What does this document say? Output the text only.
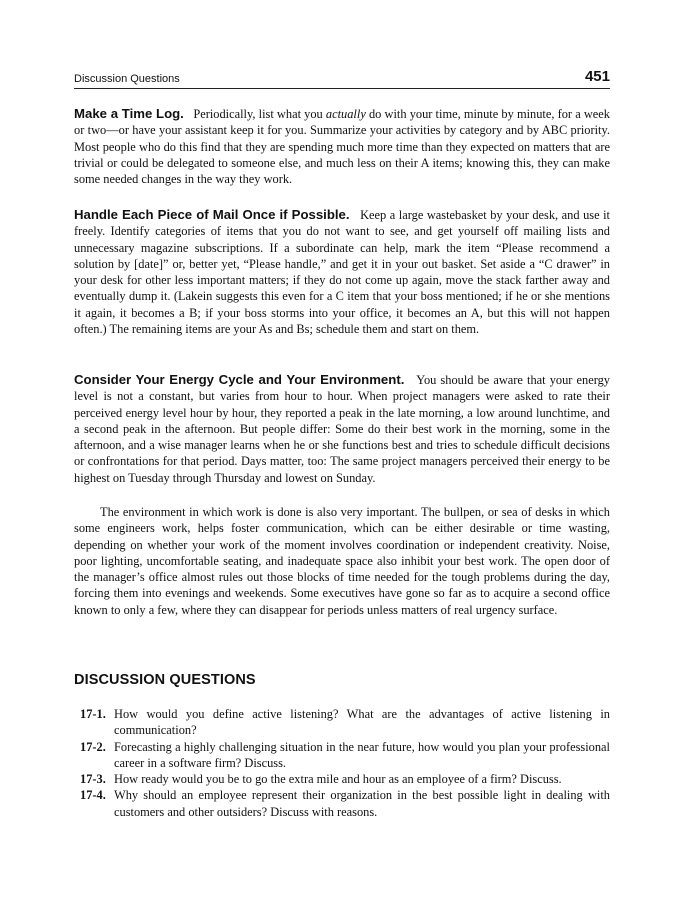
Discussion Questions	451

Make a Time Log. Periodically, list what you actually do with your time, minute by minute, for a week or two—or have your assistant keep it for you. Summarize your activities by category and by ABC priority. Most people who do this find that they are spending much more time than they expected on matters that are trivial or could be delegated to someone else, and much less on their A items; knowing this, they can make some needed changes in the way they work.

Handle Each Piece of Mail Once if Possible. Keep a large wastebasket by your desk, and use it freely. Identify categories of items that you do not want to see, and get yourself off mailing lists and unnecessary magazine subscriptions. If a subordinate can help, mark the item “Please recommend a solution by [date]” or, better yet, “Please handle,” and get it in your out basket. Set aside a “C drawer” in your desk for other less important matters; if they do not come up again, move the stack farther away and eventually dump it. (Lakein suggests this even for a C item that your boss mentioned; if he or she mentions it again, it becomes a B; if your boss storms into your office, it becomes an A, but this will not happen often.) The remaining items are your As and Bs; schedule them and start on them.

Consider Your Energy Cycle and Your Environment. You should be aware that your energy level is not a constant, but varies from hour to hour. When project managers were asked to rate their perceived energy level hour by hour, they reported a peak in the late morning, a low around lunchtime, and a second peak in the afternoon. But people differ: Some do their best work in the morning, some in the afternoon, and a wise manager learns when he or she functions best and tries to schedule difficult decisions or confrontations for that period. Days matter, too: The same project managers perceived their energy to be highest on Tuesday through Thursday and lowest on Sunday.

The environment in which work is done is also very important. The bullpen, or sea of desks in which some engineers work, helps foster communication, which can be either desirable or time wasting, depending on whether your work of the moment involves coordination or independent creativity. Noise, poor lighting, uncomfortable seating, and inadequate space also inhibit your best work. The open door of the manager’s office almost rules out those blocks of time needed for the tough problems during the day, forcing them into evenings and weekends. Some executives have gone so far as to acquire a second office known to only a few, where they can disappear for periods unless matters of real urgency surface.

DISCUSSION QUESTIONS
17-1. How would you define active listening? What are the advantages of active listening in communication?
17-2. Forecasting a highly challenging situation in the near future, how would you plan your professional career in a software firm? Discuss.
17-3. How ready would you be to go the extra mile and hour as an employee of a firm? Discuss.
17-4. Why should an employee represent their organization in the best possible light in dealing with customers and other outsiders? Discuss with reasons.
